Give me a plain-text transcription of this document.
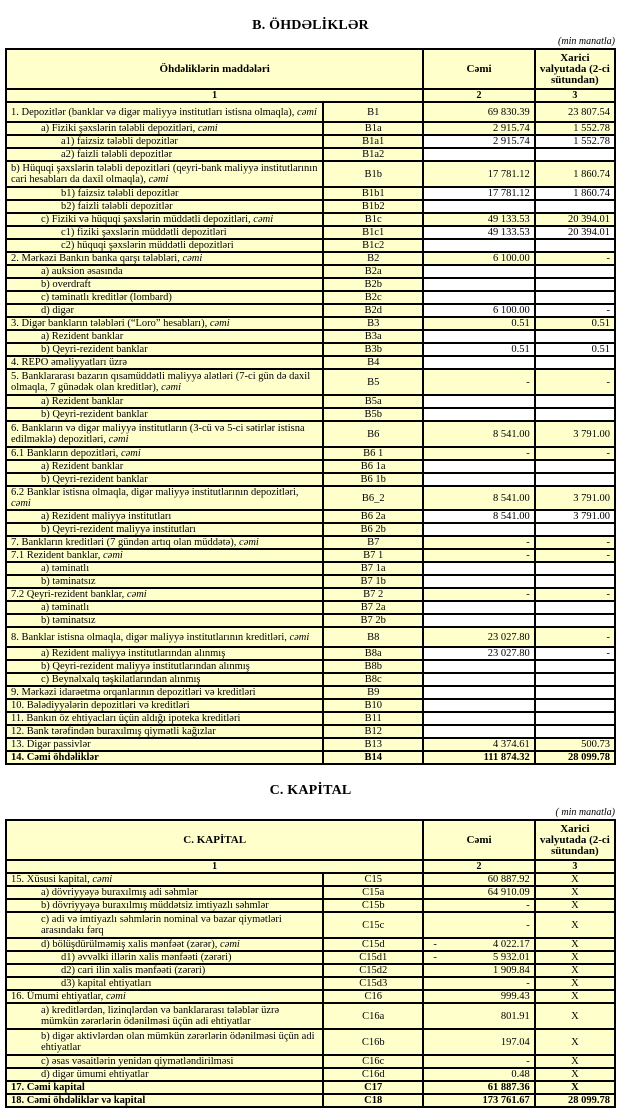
B. ÖHDƏLİKLƏR
(min manatla)
Öhdəliklərin maddələri		Cəmi	Xarici valyutada (2-ci sütundan)
1		2	3
1. Depozitlər (banklar və digər maliyyə institutları istisna olmaqla), cəmi	B1	69 830.39	23 807.54
a) Fiziki şəxslərin tələbli depozitləri, cəmi	B1a	2 915.74	1 552.78
a1) faizsiz tələbli depozitlər	B1a1	2 915.74	1 552.78
a2) faizli tələbli depozitlər	B1a2		
b) Hüquqi şəxslərin tələbli depozitləri (qeyri-bank maliyyə institutlarının cari hesabları da daxil olmaqla), cəmi	B1b	17 781.12	1 860.74
b1) faizsiz tələbli depozitlər	B1b1	17 781.12	1 860.74
b2) faizli tələbli depozitlər	B1b2		
c) Fiziki və hüquqi şəxslərin müddətli depozitləri, cəmi	B1c	49 133.53	20 394.01
c1) fiziki şəxslərin müddətli depozitləri	B1c1	49 133.53	20 394.01
c2) hüquqi şəxslərin müddətli depozitləri	B1c2		
2. Mərkəzi Bankın banka qarşı tələbləri, cəmi	B2	6 100.00	-
a) auksion əsasında	B2a		
b) overdraft	B2b		
c) təminatlı kreditlər (lombard)	B2c		
d) digər	B2d	6 100.00	-
3. Digər bankların tələbləri (“Loro” hesabları), cəmi	B3	0.51	0.51
a) Rezident banklar	B3a		
b) Qeyri-rezident banklar	B3b	0.51	0.51
4. REPO əməliyyatları üzrə	B4		
5. Banklararası bazarın qısamüddətli maliyyə alətləri (7-ci gün də daxil olmaqla, 7 günədək olan kreditlər), cəmi	B5	-	-
a) Rezident banklar	B5a		
b) Qeyri-rezident banklar	B5b		
6. Bankların və digər maliyyə institutların (3-cü və 5-ci sətirlər istisna edilməklə) depozitləri, cəmi	B6	8 541.00	3 791.00
6.1 Bankların depozitləri, cəmi	B6 1	-	-
a) Rezident banklar	B6 1a		
b) Qeyri-rezident banklar	B6 1b		
6.2 Banklar istisna olmaqla, digər maliyyə institutlarının depozitləri, cəmi	B6_2	8 541.00	3 791.00
a) Rezident maliyyə institutları	B6 2a	8 541.00	3 791.00
b) Qeyri-rezident maliyyə institutları	B6 2b		
7. Bankların kreditləri (7 gündən artıq olan müddətə), cəmi	B7	-	-
7.1 Rezident banklar, cəmi	B7 1	-	-
a) təminatlı	B7 1a		
b) təminatsız	B7 1b		
7.2 Qeyri-rezident banklar, cəmi	B7 2	-	-
a) təminatlı	B7 2a		
b) təminatsız	B7 2b		
8. Banklar istisna olmaqla, digər maliyyə institutlarının kreditləri, cəmi	B8	23 027.80	-
a) Rezident maliyyə institutlarından alınmış	B8a	23 027.80	-
b) Qeyri-rezident maliyyə institutlarından alınmış	B8b		
c) Beynəlxalq təşkilatlarından alınmış	B8c		
9. Mərkəzi idarəetmə orqanlarının depozitləri və kreditləri	B9		
10. Bələdiyyələrin depozitləri və kreditləri	B10		
11. Bankın öz ehtiyacları üçün aldığı ipoteka kreditləri	B11		
12. Bank tərəfindən buraxılmış qiymətli kağızlar	B12		
13. Digər passivlər	B13	4 374.61	500.73
14. Cəmi öhdəliklər	B14	111 874.32	28 099.78
C. KAPİTAL
( min manatla)
C. KAPİTAL		Cəmi	Xarici valyutada (2-ci sütundan)
1		2	3
15. Xüsusi kapital, cəmi	C15	60 887.92	X
a) dövriyyəyə buraxılmış adi səhmlər	C15a	64 910.09	X
b) dövriyyəyə buraxılmış müddətsiz imtiyazlı səhmlər	C15b	-	X
c) adi və imtiyazlı səhmlərin nominal və bazar qiymətləri arasındakı fərq	C15c	-	X
d) bölüşdürülməmiş xalis mənfəət (zərər), cəmi	C15d	- 4 022.17	X
d1) əvvəlki illərin xalis mənfəəti (zərəri)	C15d1	- 5 932.01	X
d2) cari ilin xalis mənfəəti (zərəri)	C15d2	1 909.84	X
d3) kapital ehtiyatları	C15d3	-	X
16. Ümumi ehtiyatlar, cəmi	C16	999.43	X
a) kreditlərdən, lizinqlərdən və banklararası tələblər üzrə mümkün zərərlərin ödənilməsi üçün adi ehtiyatlar	C16a	801.91	X
b) digər aktivlərdən olan mümkün zərərlərin ödənilməsi üçün adi ehtiyatlar	C16b	197.04	X
c) əsas vəsaitlərin yenidən qiymətləndirilməsi	C16c	-	X
d) digər ümumi ehtiyatlar	C16d	0.48	X
17. Cəmi kapital	C17	61 887.36	X
18. Cəmi öhdəliklər və kapital	C18	173 761.67	28 099.78
